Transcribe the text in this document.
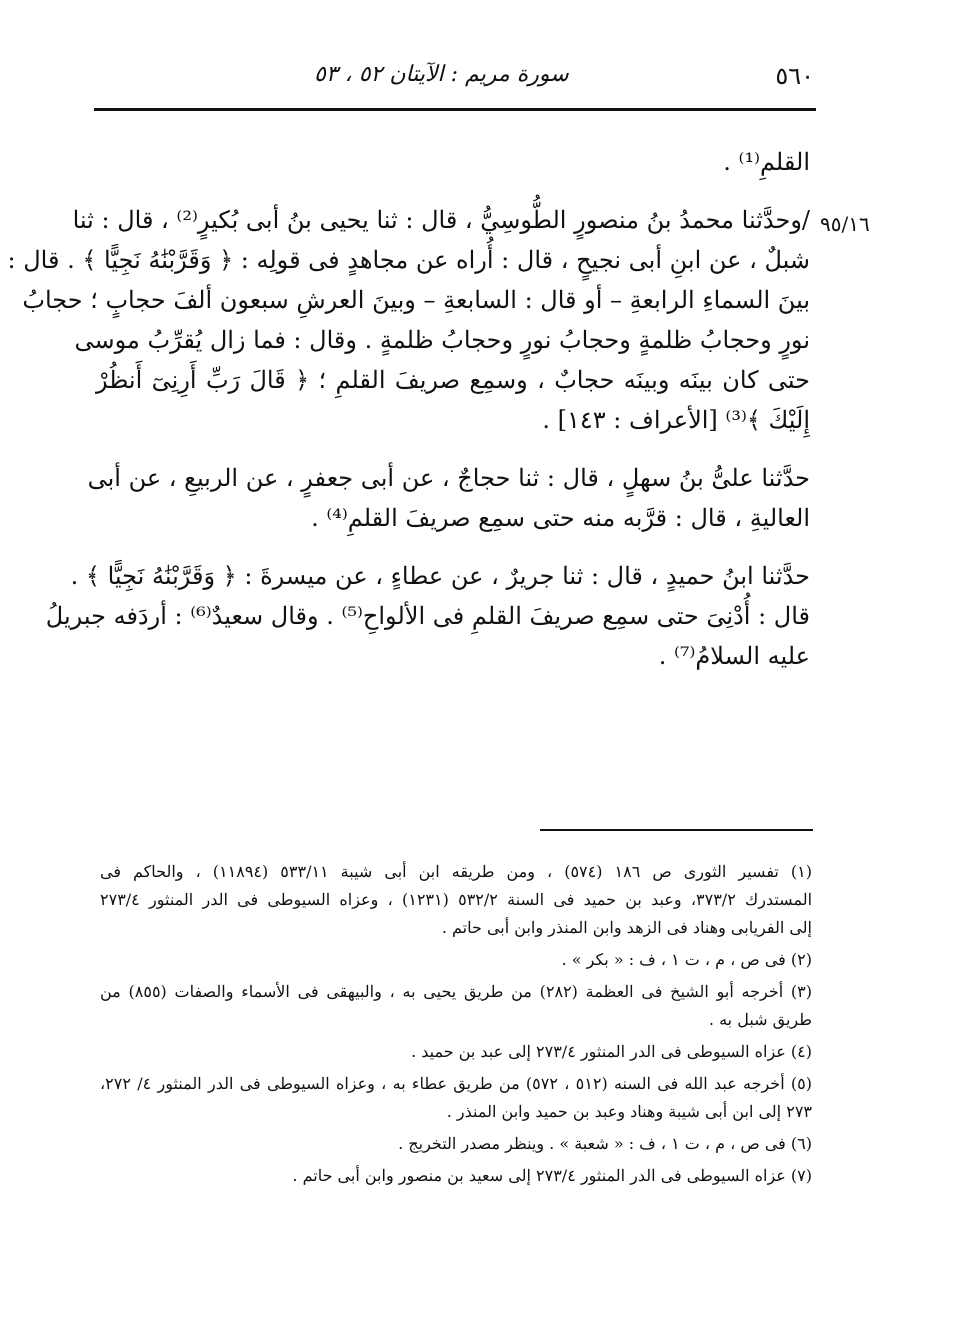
٥٦٠
سورة مريم : الآيتان ٥٢ ، ٥٣
٩٥/١٦
القلمِ⁽¹⁾ .
/وحدَّثنا محمدُ بنُ منصورٍ الطُّوسِيُّ ، قال : ثنا يحيى بنُ أبى بُكيرٍ⁽²⁾ ، قال : ثنا
شبلٌ ، عن ابنِ أبى نجيحٍ ، قال : أُراه عن مجاهدٍ فى قولِه : ﴿ وَقَرَّبْنَٰهُ نَجِيًّا ﴾ . قال :
بينَ السماءِ الرابعةِ – أو قال : السابعةِ – وبينَ العرشِ سبعون ألفَ حجابٍ ؛ حجابُ
نورٍ وحجابُ ظلمةٍ وحجابُ نورٍ وحجابُ ظلمةٍ . وقال : فما زال يُقرِّبُ موسى
حتى كان بينَه وبينَه حجابٌ ، وسمِع صريفَ القلمِ ؛ ﴿ قَالَ رَبِّ أَرِنِىٓ أَنظُرْ
إِلَيْكَ ﴾⁽³⁾ [الأعراف : ١٤٣] .
حدَّثنا علىُّ بنُ سهلٍ ، قال : ثنا حجاجٌ ، عن أبى جعفرٍ ، عن الربيعِ ، عن أبى
العاليةِ ، قال : قرَّبه منه حتى سمِع صريفَ القلمِ⁽⁴⁾ .
حدَّثنا ابنُ حميدٍ ، قال : ثنا جريرٌ ، عن عطاءٍ ، عن ميسرةَ : ﴿ وَقَرَّبْنَٰهُ نَجِيًّا ﴾ .
قال : أُدْنِىَ حتى سمِع صريفَ القلمِ فى الألواحِ⁽⁵⁾ . وقال سعيدٌ⁽⁶⁾ : أردَفه جبريلُ
عليه السلامُ⁽⁷⁾ .
(١) تفسير الثورى ص ١٨٦ (٥٧٤) ، ومن طريقه ابن أبى شيبة ٥٣٣/١١ (١١٨٩٤) ، والحاكم فى
المستدرك ٣٧٣/٢، وعبد بن حميد فى السنة ٥٣٢/٢ (١٢٣١) ، وعزاه السيوطى فى الدر المنثور ٢٧٣/٤
إلى الفريابى وهناد فى الزهد وابن المنذر وابن أبى حاتم .
(٢) فى ص ، م ، ت ١ ، ف : « بكر » .
(٣) أخرجه أبو الشيخ فى العظمة (٢٨٢) من طريق يحيى به ، والبيهقى فى الأسماء والصفات (٨٥٥) من
طريق شبل به .
(٤) عزاه السيوطى فى الدر المنثور ٢٧٣/٤ إلى عبد بن حميد .
(٥) أخرجه عبد الله فى السنه (٥١٢ ، ٥٧٢) من طريق عطاء به ، وعزاه السيوطى فى الدر المنثور ٤/ ٢٧٢،
٢٧٣ إلى ابن أبى شيبة وهناد وعبد بن حميد وابن المنذر .
(٦) فى ص ، م ، ت ١ ، ف : « شعبة » . وينظر مصدر التخريج .
(٧) عزاه السيوطى فى الدر المنثور ٢٧٣/٤ إلى سعيد بن منصور وابن أبى حاتم .
